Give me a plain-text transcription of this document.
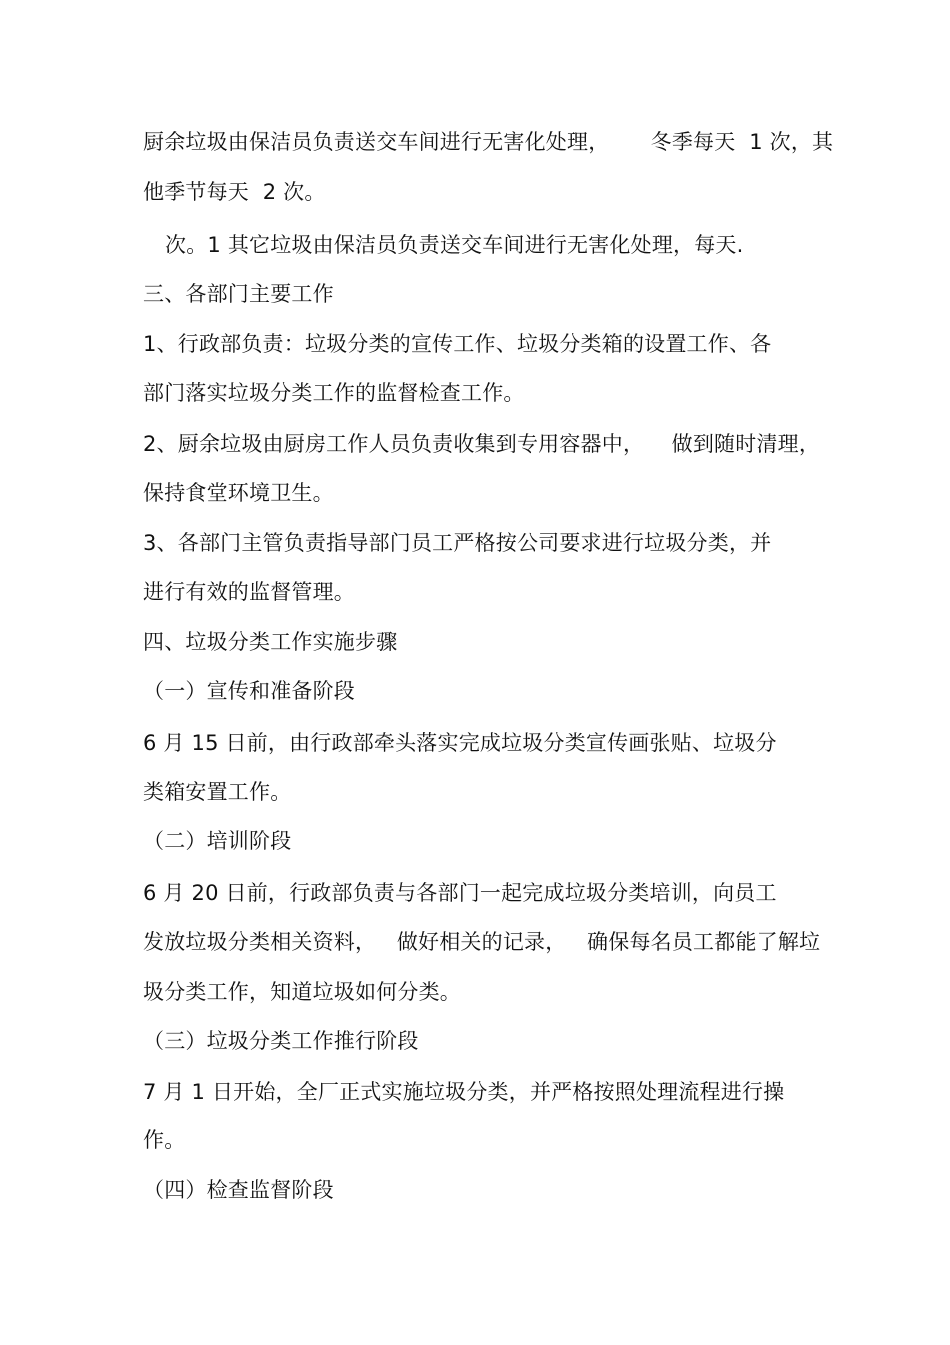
厨余垃圾由保洁员负责送交车间进行无害化处理，      冬季每天  1 次，其
他季节每天  2 次。
次。1 其它垃圾由保洁员负责送交车间进行无害化处理，每天.
三、各部门主要工作
1、行政部负责：垃圾分类的宣传工作、垃圾分类箱的设置工作、各
部门落实垃圾分类工作的监督检查工作。
2、厨余垃圾由厨房工作人员负责收集到专用容器中，    做到随时清理，
保持食堂环境卫生。
3、各部门主管负责指导部门员工严格按公司要求进行垃圾分类，并
进行有效的监督管理。
四、垃圾分类工作实施步骤
（一）宣传和准备阶段
6 月 15 日前，由行政部牵头落实完成垃圾分类宣传画张贴、垃圾分
类箱安置工作。
（二）培训阶段
6 月 20 日前，行政部负责与各部门一起完成垃圾分类培训，向员工
发放垃圾分类相关资料，   做好相关的记录，   确保每名员工都能了解垃
圾分类工作，知道垃圾如何分类。
（三）垃圾分类工作推行阶段
7 月 1 日开始，全厂正式实施垃圾分类，并严格按照处理流程进行操
作。
（四）检查监督阶段
